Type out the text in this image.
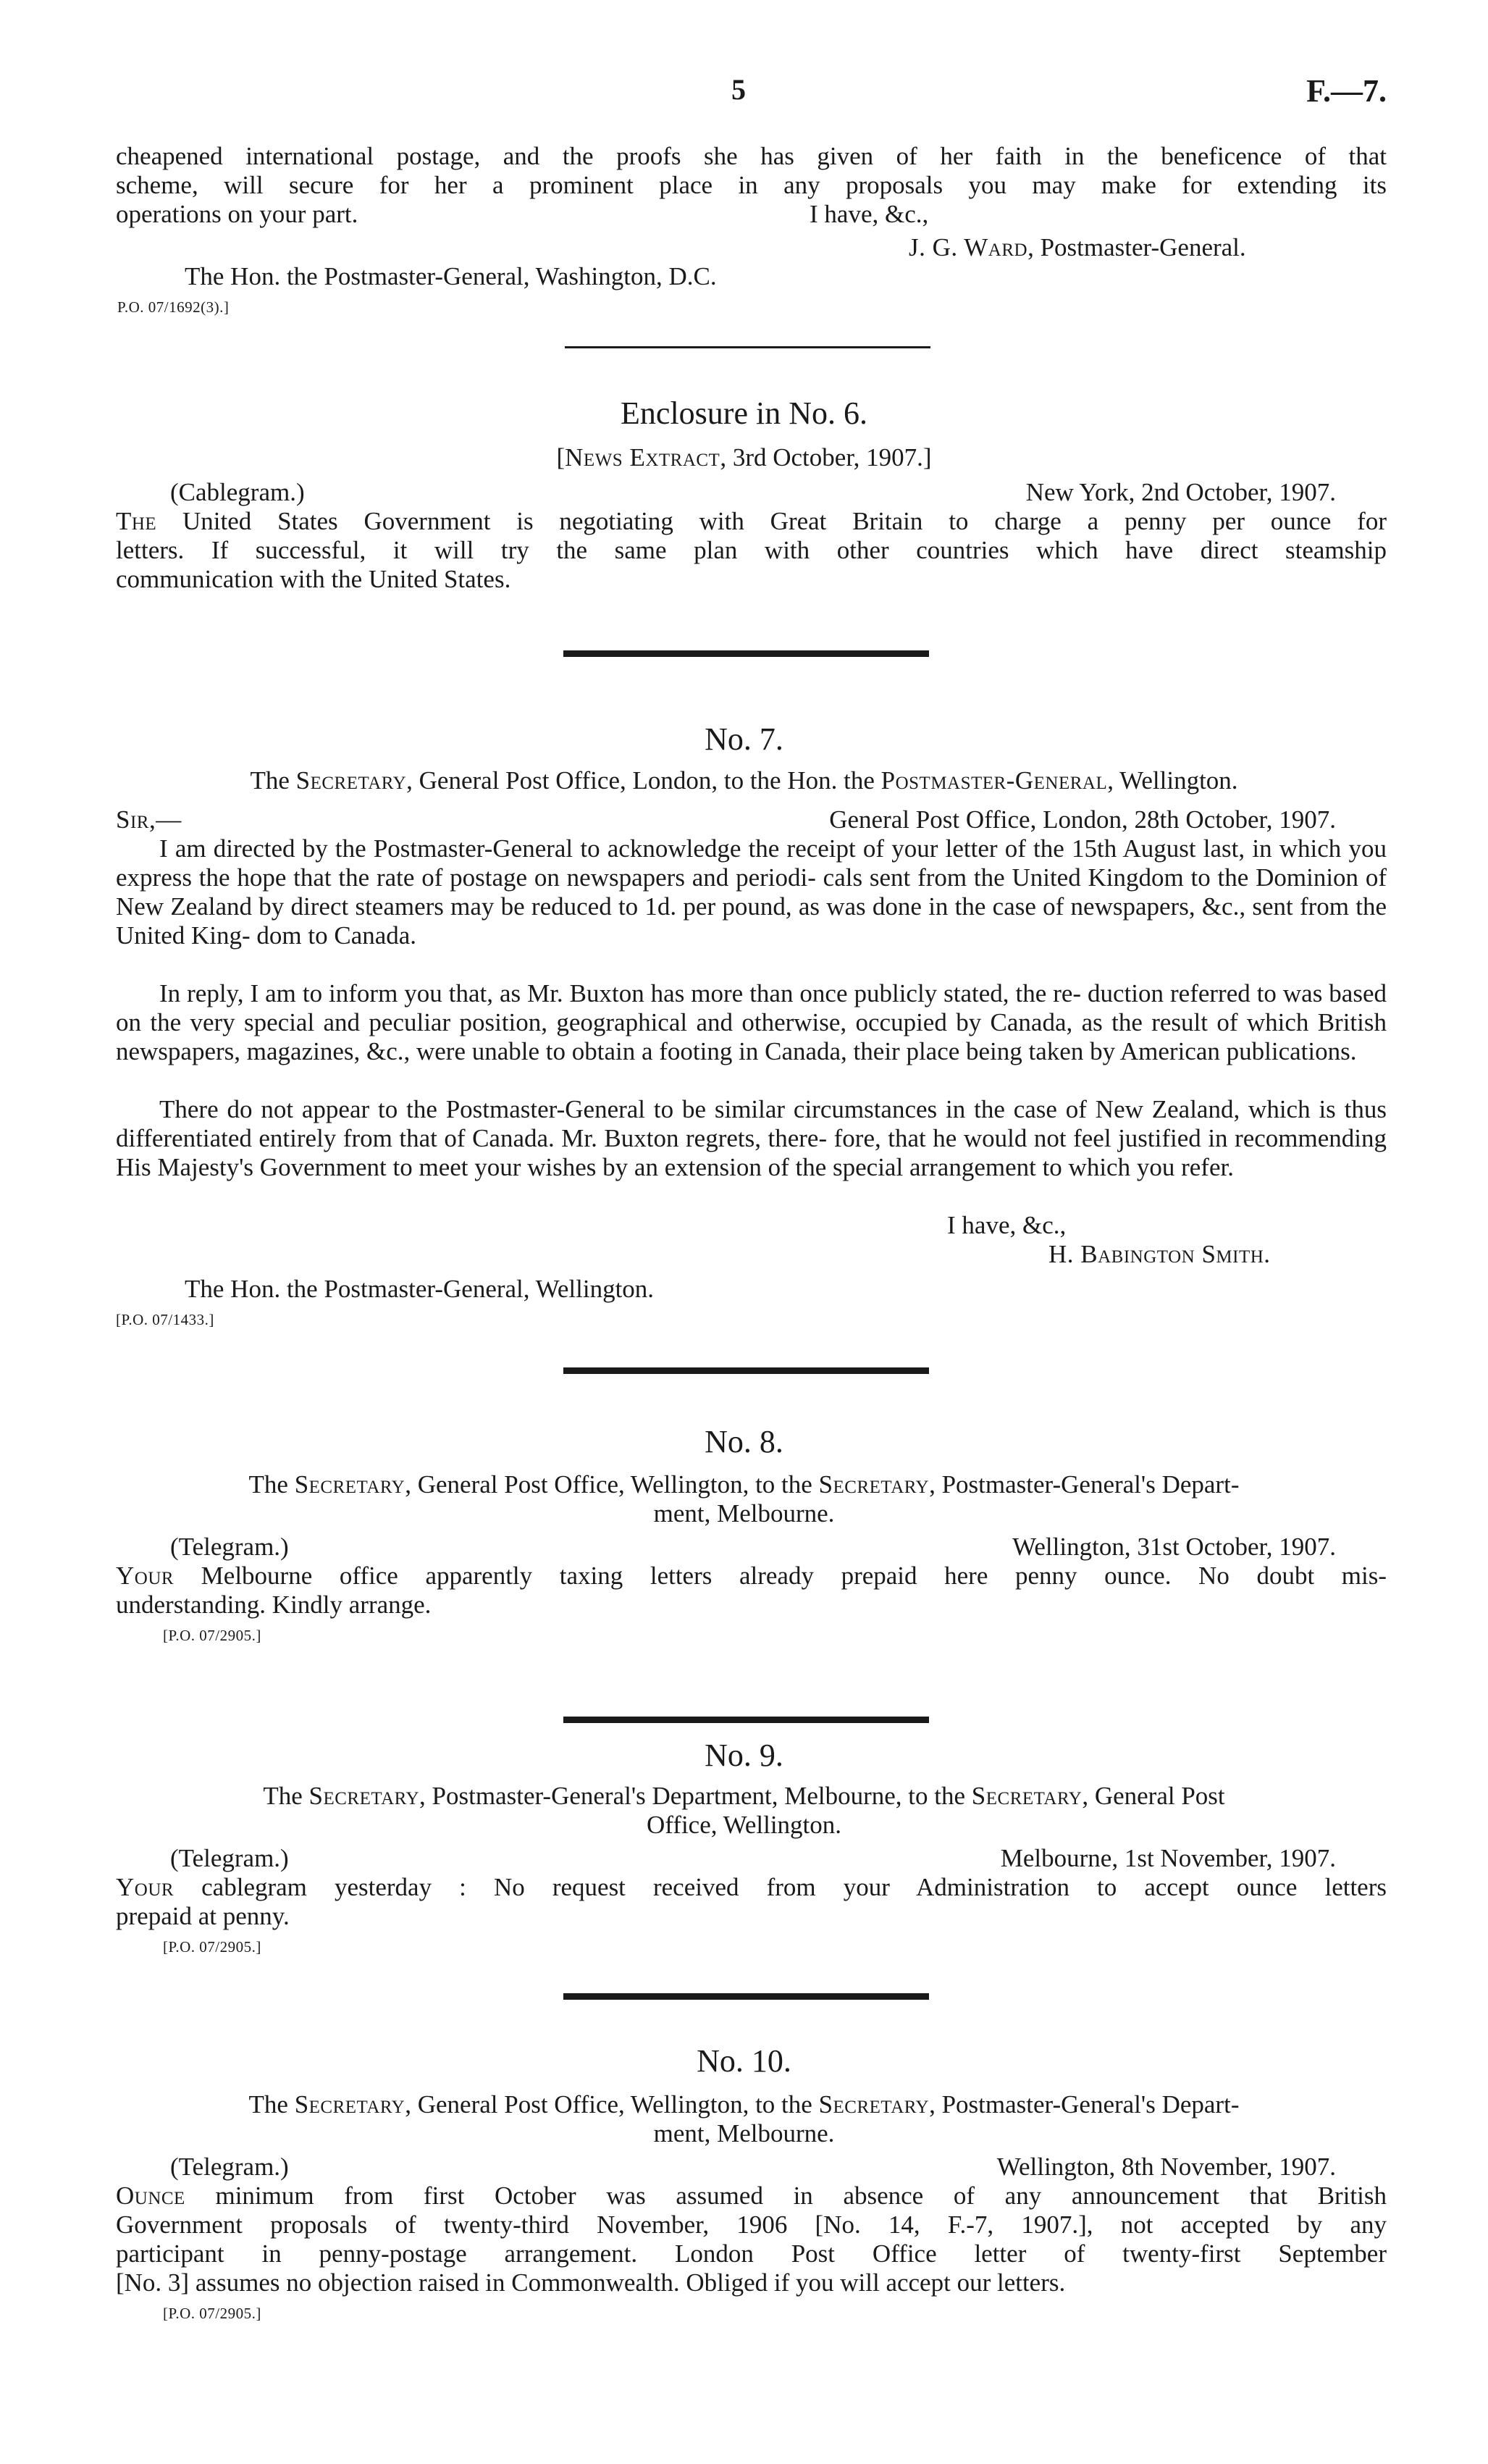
5	F.—7.
cheapened international postage, and the proofs she has given of her faith in the beneficence of that
scheme, will secure for her a prominent place in any proposals you may make for extending its
operations on your part.	I have, &c.,
J. G. Ward, Postmaster-General.
The Hon. the Postmaster-General, Washington, D.C.
P.O. 07/1692(3).]
Enclosure in No. 6.
[News Extract, 3rd October, 1907.]
(Cablegram.)	New York, 2nd October, 1907.
The United States Government is negotiating with Great Britain to charge a penny per ounce for
letters. If successful, it will try the same plan with other countries which have direct steamship
communication with the United States.
No. 7.
The Secretary, General Post Office, London, to the Hon. the Postmaster-General, Wellington.
Sir,—	General Post Office, London, 28th October, 1907.
I am directed by the Postmaster-General to acknowledge the receipt of your letter of the 15th August last, in which you express the hope that the rate of postage on newspapers and periodi- cals sent from the United Kingdom to the Dominion of New Zealand by direct steamers may be reduced to 1d. per pound, as was done in the case of newspapers, &c., sent from the United King- dom to Canada.
In reply, I am to inform you that, as Mr. Buxton has more than once publicly stated, the re- duction referred to was based on the very special and peculiar position, geographical and otherwise, occupied by Canada, as the result of which British newspapers, magazines, &c., were unable to obtain a footing in Canada, their place being taken by American publications.
There do not appear to the Postmaster-General to be similar circumstances in the case of New Zealand, which is thus differentiated entirely from that of Canada. Mr. Buxton regrets, there- fore, that he would not feel justified in recommending His Majesty's Government to meet your wishes by an extension of the special arrangement to which you refer.
I have, &c.,
H. Babington Smith.
The Hon. the Postmaster-General, Wellington.
[P.O. 07/1433.]
No. 8.
The Secretary, General Post Office, Wellington, to the Secretary, Postmaster-General's Depart-
ment, Melbourne.
(Telegram.)	Wellington, 31st October, 1907.
Your Melbourne office apparently taxing letters already prepaid here penny ounce. No doubt mis-
understanding. Kindly arrange.
[P.O. 07/2905.]
No. 9.
The Secretary, Postmaster-General's Department, Melbourne, to the Secretary, General Post
Office, Wellington.
(Telegram.)	Melbourne, 1st November, 1907.
Your cablegram yesterday : No request received from your Administration to accept ounce letters
prepaid at penny.
[P.O. 07/2905.]
No. 10.
The Secretary, General Post Office, Wellington, to the Secretary, Postmaster-General's Depart-
ment, Melbourne.
(Telegram.)	Wellington, 8th November, 1907.
Ounce minimum from first October was assumed in absence of any announcement that British
Government proposals of twenty-third November, 1906 [No. 14, F.-7, 1907.], not accepted by any
participant in penny-postage arrangement. London Post Office letter of twenty-first September
[No. 3] assumes no objection raised in Commonwealth. Obliged if you will accept our letters.
[P.O. 07/2905.]
